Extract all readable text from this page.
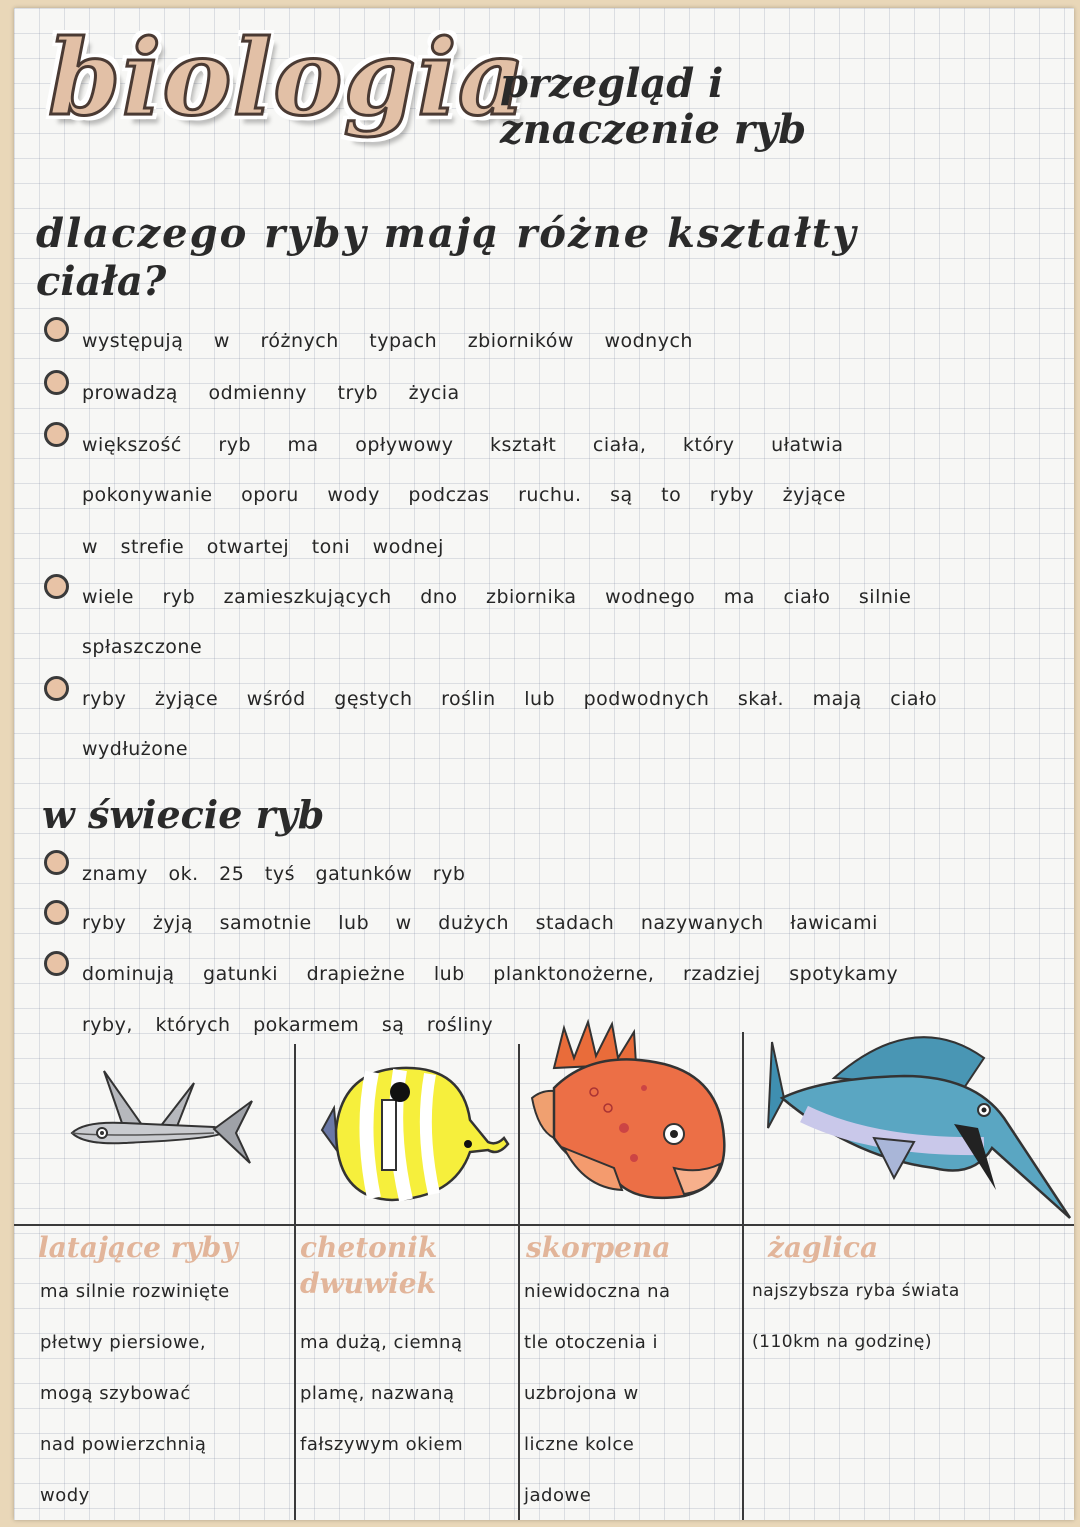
biologia
przegląd i
znaczenie ryb
dlaczego ryby mają różne kształty
ciała?
występują w różnych typach zbiorników wodnych
prowadzą odmienny tryb życia
większość ryb ma opływowy kształt ciała, który ułatwia
pokonywanie oporu wody podczas ruchu. są to ryby żyjące
w strefie otwartej toni wodnej
wiele ryb zamieszkujących dno zbiornika wodnego ma ciało silnie
spłaszczone
ryby żyjące wśród gęstych roślin lub podwodnych skał. mają ciało
wydłużone
w świecie ryb
znamy ok. 25 tyś gatunków ryb
ryby żyją samotnie lub w dużych stadach nazywanych ławicami
dominują gatunki drapieżne lub planktonożerne, rzadziej spotykamy
ryby, których pokarmem są rośliny
latające ryby chetonik
dwuwiek
skorpena	żaglica
ma silnie rozwinięte
płetwy piersiowe,
mogą szybować
nad powierzchnią
wody
ma dużą, ciemną
plamę, nazwaną
fałszywym okiem
niewidoczna na
tle otoczenia i
uzbrojona w
liczne kolce
jadowe
najszybsza ryba świata
(110km na godzinę)
